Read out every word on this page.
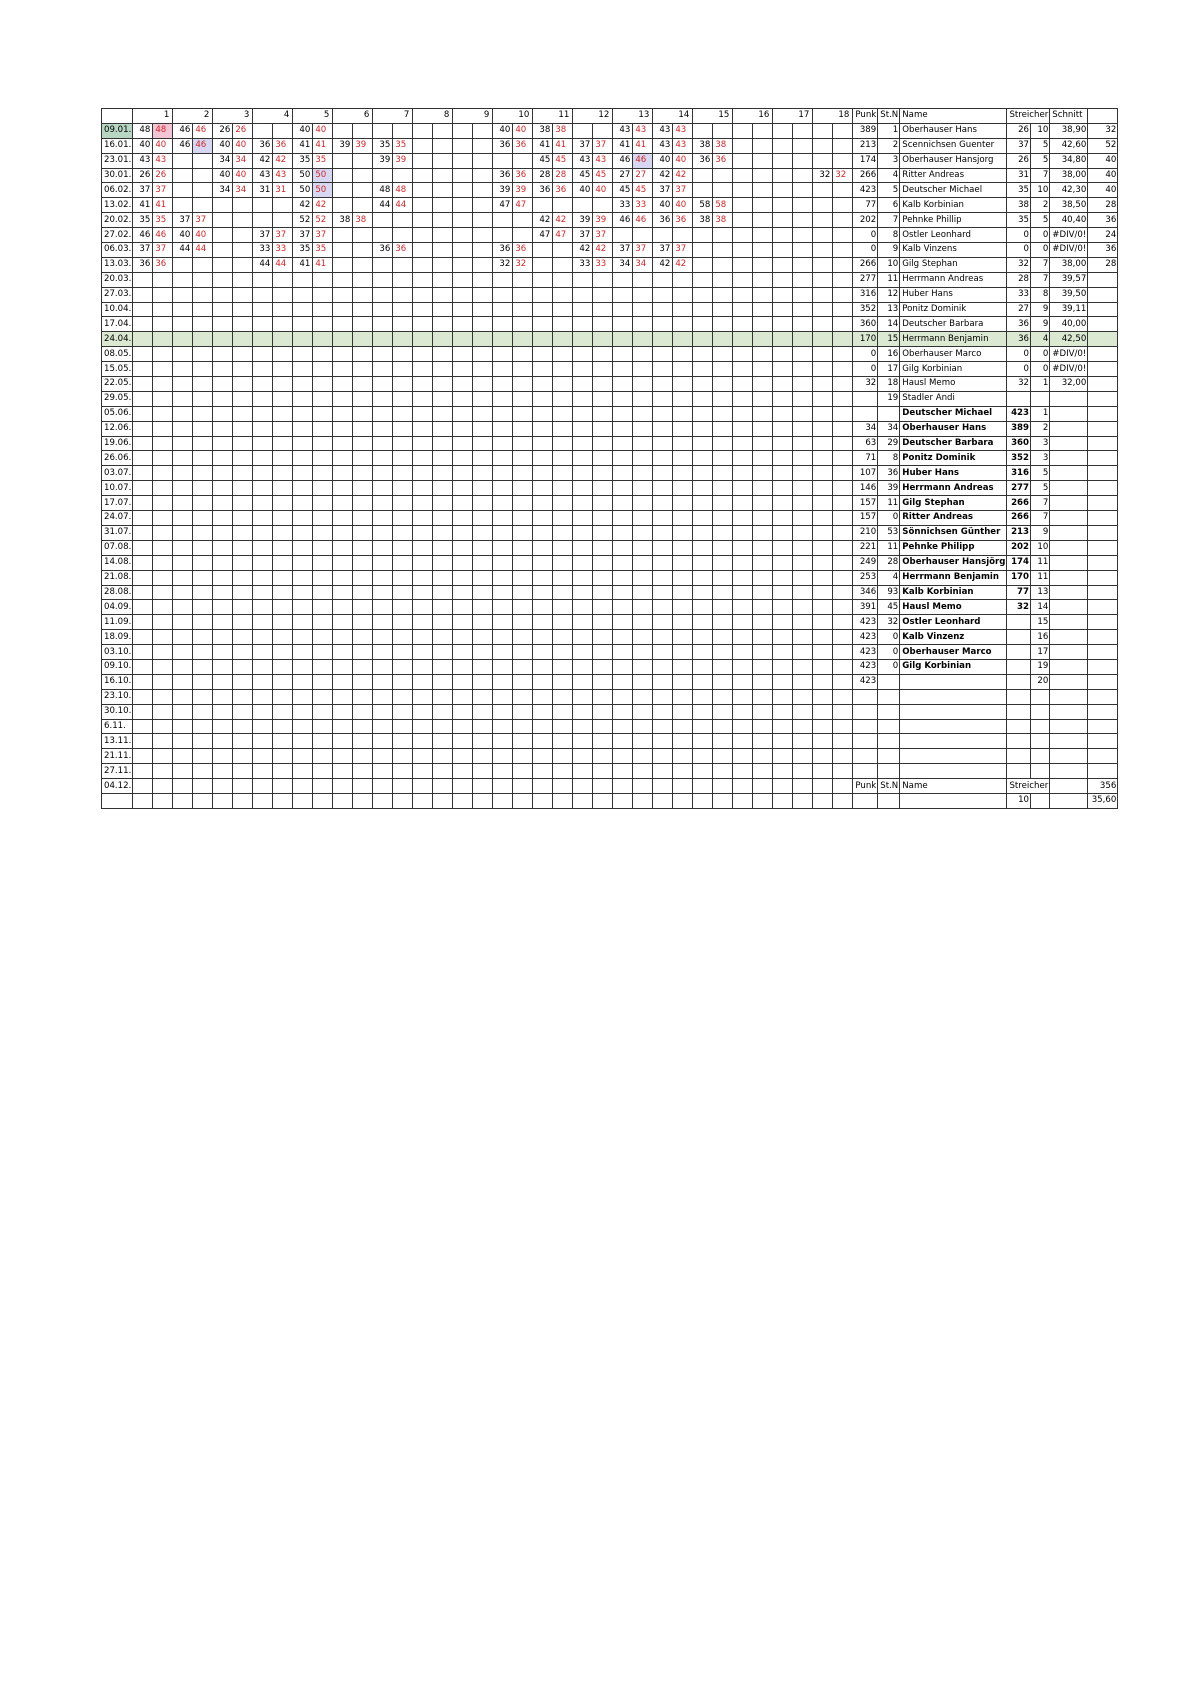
	1		2		3		4		5		6		7		8		9		10		11		12		13		14		15		16		17		18		Punk	St.N	Name	Streicher		Schnitt	
09.01.	48	48	46	46	26	26			40	40									40	40	38	38			43	43	43	43									389	1	Oberhauser Hans	26	10	38,90	32
16.01.	40	40	46	46	40	40	36	36	41	41	39	39	35	35					36	36	41	41	37	37	41	41	43	43	38	38							213	2	Scennichsen Guenter	37	5	42,60	52
23.01.	43	43			34	34	42	42	35	35			39	39							45	45	43	43	46	46	40	40	36	36							174	3	Oberhauser Hansjorg	26	5	34,80	40
30.01.	26	26			40	40	43	43	50	50									36	36	28	28	45	45	27	27	42	42							32	32	266	4	Ritter Andreas	31	7	38,00	40
06.02.	37	37			34	34	31	31	50	50			48	48					39	39	36	36	40	40	45	45	37	37									423	5	Deutscher Michael	35	10	42,30	40
13.02.	41	41							42	42			44	44					47	47					33	33	40	40	58	58							77	6	Kalb Korbinian	38	2	38,50	28
20.02.	35	35	37	37					52	52	38	38									42	42	39	39	46	46	36	36	38	38							202	7	Pehnke Phillip	35	5	40,40	36
27.02.	46	46	40	40			37	37	37	37											47	47	37	37													0	8	Ostler Leonhard	0	0	#DIV/0!	24
06.03.	37	37	44	44			33	33	35	35			36	36					36	36			42	42	37	37	37	37									0	9	Kalb Vinzens	0	0	#DIV/0!	36
13.03.	36	36					44	44	41	41									32	32			33	33	34	34	42	42									266	10	Gilg Stephan	32	7	38,00	28
20.03.																																					277	11	Herrmann Andreas	28	7	39,57	
27.03.																																					316	12	Huber Hans	33	8	39,50	
10.04.																																					352	13	Ponitz Dominik	27	9	39,11	
17.04.																																					360	14	Deutscher Barbara	36	9	40,00	
24.04.																																					170	15	Herrmann Benjamin	36	4	42,50	
08.05.																																					0	16	Oberhauser Marco	0	0	#DIV/0!	
15.05.																																					0	17	Gilg Korbinian	0	0	#DIV/0!	
22.05.																																					32	18	Hausl Memo	32	1	32,00	
29.05.																																						19	Stadler Andi				
05.06.																																							Deutscher Michael	423	1		
12.06.																																					34	34	Oberhauser Hans	389	2		
19.06.																																					63	29	Deutscher Barbara	360	3		
26.06.																																					71	8	Ponitz Dominik	352	3		
03.07.																																					107	36	Huber Hans	316	5		
10.07.																																					146	39	Herrmann Andreas	277	5		
17.07.																																					157	11	Gilg Stephan	266	7		
24.07.																																					157	0	Ritter Andreas	266	7		
31.07.																																					210	53	Sönnichsen Günther	213	9		
07.08.																																					221	11	Pehnke Philipp	202	10		
14.08.																																					249	28	Oberhauser Hansjörg	174	11		
21.08.																																					253	4	Herrmann Benjamin	170	11		
28.08.																																					346	93	Kalb Korbinian	77	13		
04.09.																																					391	45	Hausl Memo	32	14		
11.09.																																					423	32	Ostler Leonhard		15		
18.09.																																					423	0	Kalb Vinzenz		16		
03.10.																																					423	0	Oberhauser Marco		17		
09.10.																																					423	0	Gilg Korbinian		19		
16.10.																																					423				20		
23.10.																																											
30.10.																																											
6.11.																																											
13.11.																																											
21.11.																																											
27.11.																																											
04.12.																																					Punk	St.N	Name	Streicher			356
																																								10			35,60
